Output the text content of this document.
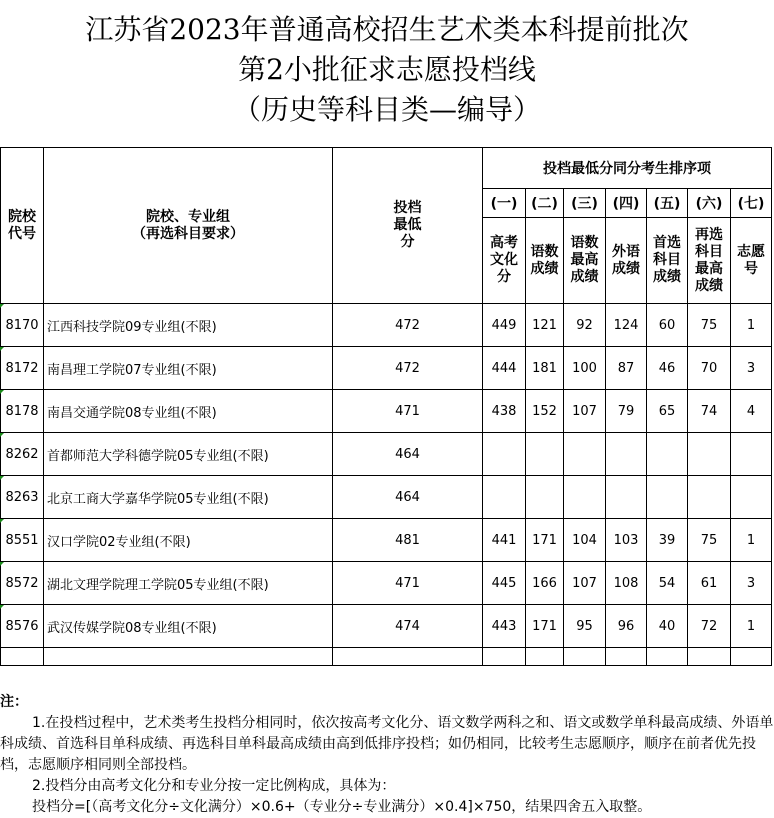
江苏省2023年普通高校招生艺术类本科提前批次
第2小批征求志愿投档线
（历史等科目类—编导）
院校代号	院校、专业组
（再选科目要求）	投档最低分	投档最低分同分考生排序项						
			(一)	(二)	(三)	(四)	(五)	(六)	(七)
			高考文化分	语数成绩	语数最高成绩	外语成绩	首选科目成绩	再选科目最高成绩	志愿号
8170	江西科技学院09专业组(不限)	472	449	121	92	124	60	75	1
8172	南昌理工学院07专业组(不限)	472	444	181	100	87	46	70	3
8178	南昌交通学院08专业组(不限)	471	438	152	107	79	65	74	4
8262	首都师范大学科德学院05专业组(不限)	464							
8263	北京工商大学嘉华学院05专业组(不限)	464							
8551	汉口学院02专业组(不限)	481	441	171	104	103	39	75	1
8572	湖北文理学院理工学院05专业组(不限)	471	445	166	107	108	54	61	3
8576	武汉传媒学院08专业组(不限)	474	443	171	95	96	40	72	1

注：

1.在投档过程中，艺术类考生投档分相同时，依次按高考文化分、语文数学两科之和、语文或数学单科最高成绩、外语单科成绩、首选科目单科成绩、再选科目单科最高成绩由高到低排序投档；如仍相同，比较考生志愿顺序，顺序在前者优先投档，志愿顺序相同则全部投档。

2.投档分由高考文化分和专业分按一定比例构成，具体为：

投档分=[（高考文化分÷文化满分）×0.6+（专业分÷专业满分）×0.4]×750，结果四舍五入取整。
